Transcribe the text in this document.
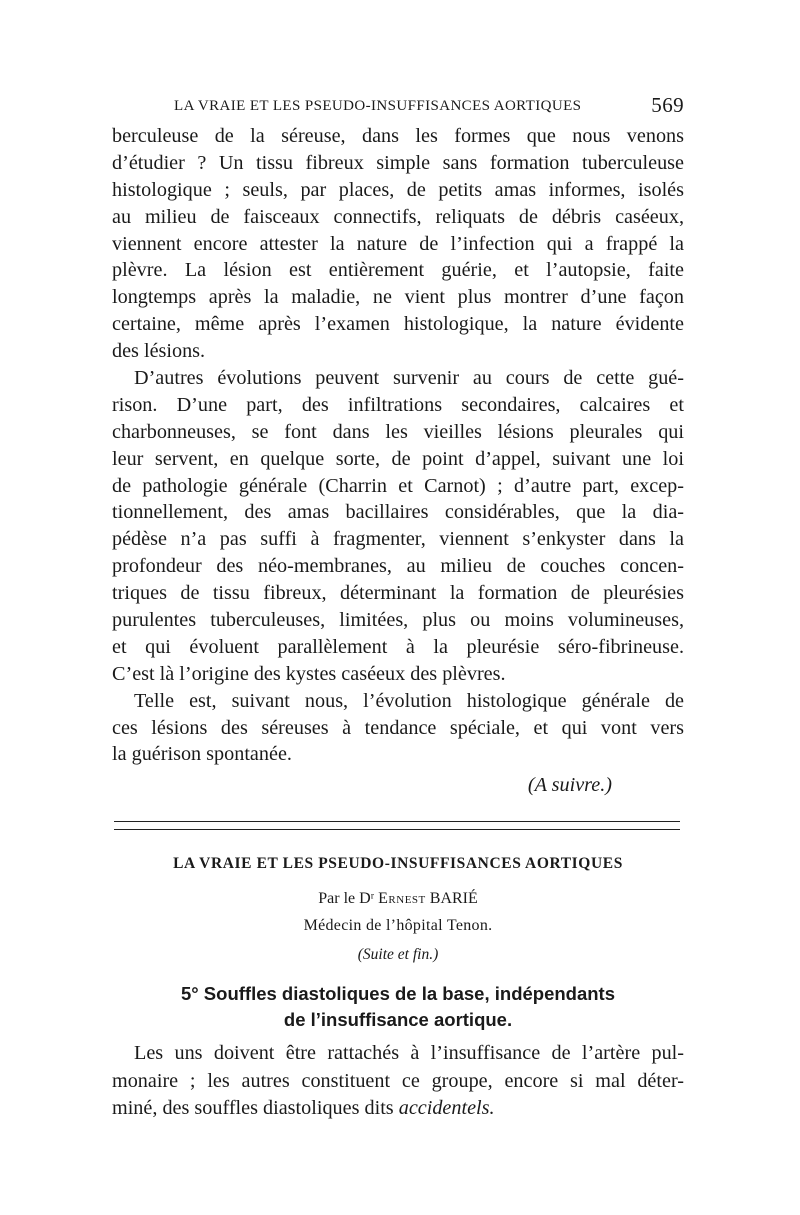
LA VRAIE ET LES PSEUDO-INSUFFISANCES AORTIQUES	569
berculeuse de la séreuse, dans les formes que nous venons
d’étudier ? Un tissu fibreux simple sans formation tuberculeuse
histologique ; seuls, par places, de petits amas informes, isolés
au milieu de faisceaux connectifs, reliquats de débris caséeux,
viennent encore attester la nature de l’infection qui a frappé la
plèvre. La lésion est entièrement guérie, et l’autopsie, faite
longtemps après la maladie, ne vient plus montrer d’une façon
certaine, même après l’examen histologique, la nature évidente
des lésions.
D’autres évolutions peuvent survenir au cours de cette gué-
rison. D’une part, des infiltrations secondaires, calcaires et
charbonneuses, se font dans les vieilles lésions pleurales qui
leur servent, en quelque sorte, de point d’appel, suivant une loi
de pathologie générale (Charrin et Carnot) ; d’autre part, excep-
tionnellement, des amas bacillaires considérables, que la dia-
pédèse n’a pas suffi à fragmenter, viennent s’enkyster dans la
profondeur des néo-membranes, au milieu de couches concen-
triques de tissu fibreux, déterminant la formation de pleurésies
purulentes tuberculeuses, limitées, plus ou moins volumineuses,
et qui évoluent parallèlement à la pleurésie séro-fibrineuse.
C’est là l’origine des kystes caséeux des plèvres.
Telle est, suivant nous, l’évolution histologique générale de
ces lésions des séreuses à tendance spéciale, et qui vont vers
la guérison spontanée.
(A suivre.)
LA VRAIE ET LES PSEUDO-INSUFFISANCES AORTIQUES
Par le Dʳ Ernest BARIÉ
Médecin de l’hôpital Tenon.
(Suite et fin.)
5° Souffles diastoliques de la base, indépendants
de l’insuffisance aortique.
Les uns doivent être rattachés à l’insuffisance de l’artère pul-
monaire ; les autres constituent ce groupe, encore si mal déter-
miné, des souffles diastoliques dits accidentels.
